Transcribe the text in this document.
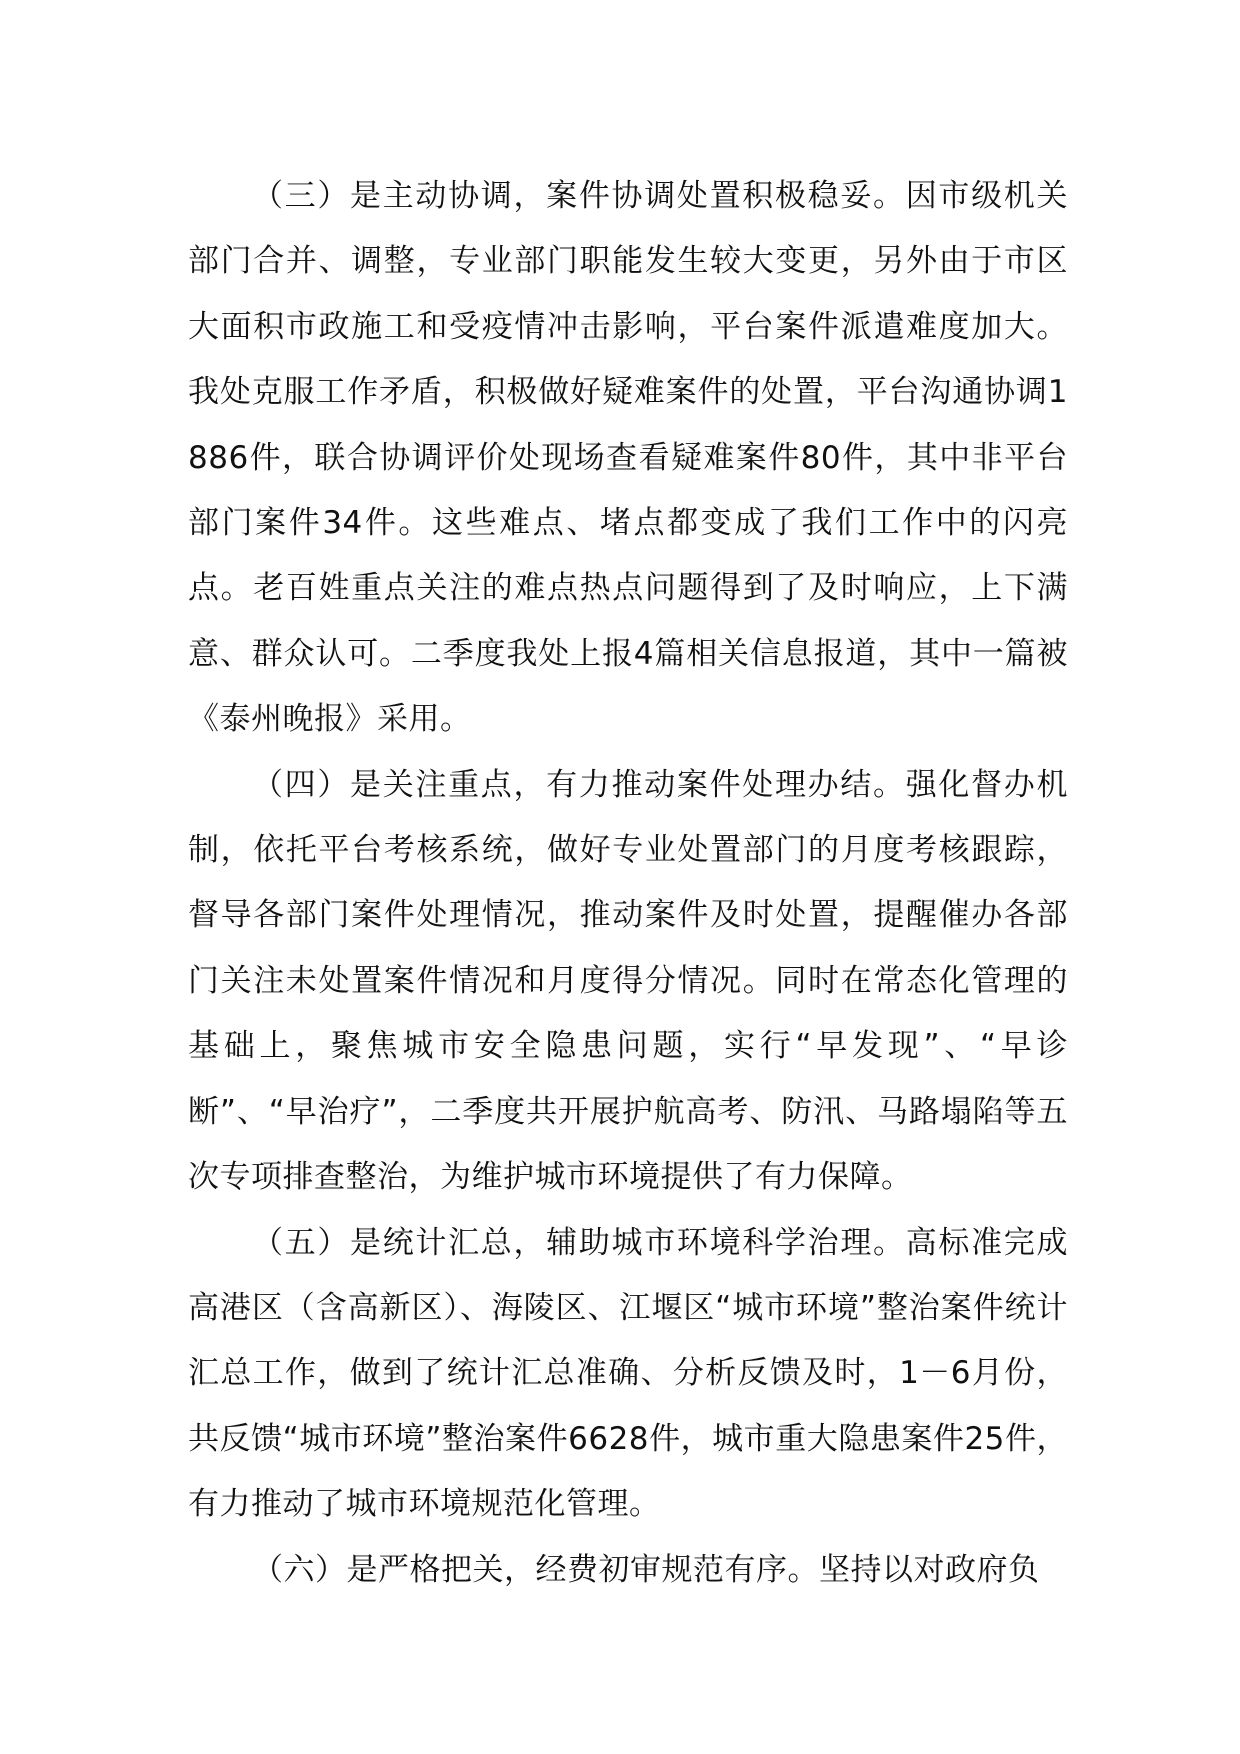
（三）是主动协调，案件协调处置积极稳妥。因市级机关部门合并、调整，专业部门职能发生较大变更，另外由于市区大面积市政施工和受疫情冲击影响，平台案件派遣难度加大。我处克服工作矛盾，积极做好疑难案件的处置，平台沟通协调1886件，联合协调评价处现场查看疑难案件80件，其中非平台部门案件34件。这些难点、堵点都变成了我们工作中的闪亮点。老百姓重点关注的难点热点问题得到了及时响应，上下满意、群众认可。二季度我处上报4篇相关信息报道，其中一篇被《泰州晚报》采用。

（四）是关注重点，有力推动案件处理办结。强化督办机制，依托平台考核系统，做好专业处置部门的月度考核跟踪，督导各部门案件处理情况，推动案件及时处置，提醒催办各部门关注未处置案件情况和月度得分情况。同时在常态化管理的基础上，聚焦城市安全隐患问题，实行“早发现”、“早诊断”、“早治疗”，二季度共开展护航高考、防汛、马路塌陷等五次专项排查整治，为维护城市环境提供了有力保障。

（五）是统计汇总，辅助城市环境科学治理。高标准完成高港区（含高新区）、海陵区、江堰区“城市环境”整治案件统计汇总工作，做到了统计汇总准确、分析反馈及时，1－6月份，共反馈“城市环境”整治案件6628件，城市重大隐患案件25件，有力推动了城市环境规范化管理。

（六）是严格把关，经费初审规范有序。坚持以对政府负
